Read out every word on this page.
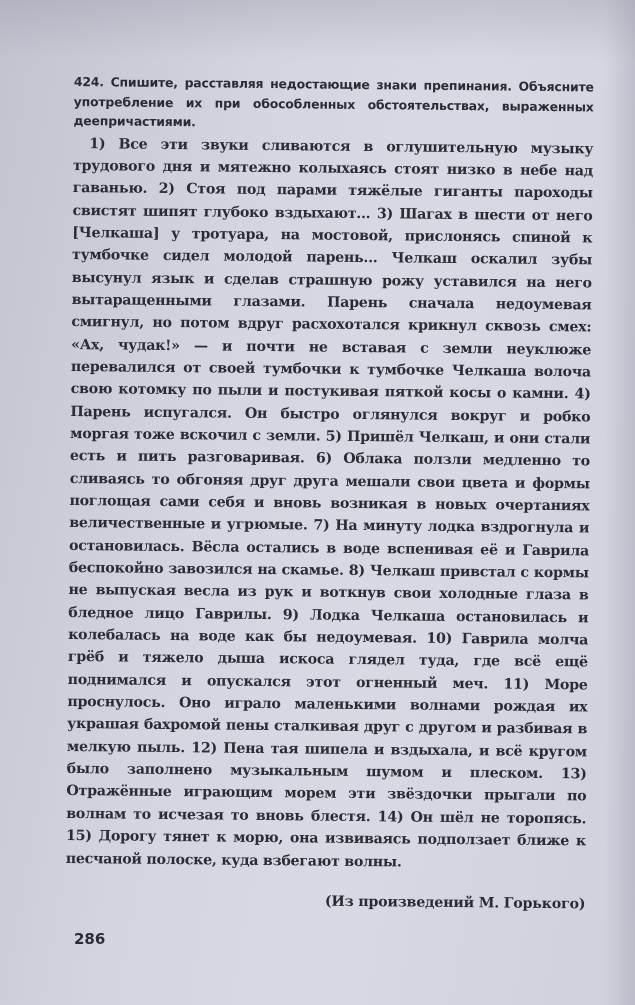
424. Спишите, расставляя недостающие знаки препинания. Объясните употребление их при обособленных обстоятельствах, выраженных деепричастиями.

1) Все эти звуки сливаются в оглушительную музыку трудового дня и мятежно колыхаясь стоят низко в небе над гаванью. 2) Стоя под парами тяжёлые гиганты пароходы свистят шипят глубоко вздыхают... 3) Шагах в шести от него [Челкаша] у тротуара, на мостовой, прислонясь спиной к тумбочке сидел молодой парень... Челкаш оскалил зубы высунул язык и сделав страшную рожу уставился на него вытаращенными глазами. Парень сначала недоумевая смигнул, но потом вдруг расхохотался крикнул сквозь смех: «Ах, чудак!» — и почти не вставая с земли неуклюже перевалился от своей тумбочки к тумбочке Челкаша волоча свою котомку по пыли и постукивая пяткой косы о камни. 4) Парень испугался. Он быстро оглянулся вокруг и робко моргая тоже вскочил с земли. 5) Пришёл Челкаш, и они стали есть и пить разговаривая. 6) Облака ползли медленно то сливаясь то обгоняя друг друга мешали свои цвета и формы поглощая сами себя и вновь возникая в новых очертаниях величественные и угрюмые. 7) На минуту лодка вздрогнула и остановилась. Вёсла остались в воде вспенивая её и Гаврила беспокойно завозился на скамье. 8) Челкаш привстал с кормы не выпуская весла из рук и воткнув свои холодные глаза в бледное лицо Гаврилы. 9) Лодка Челкаша остановилась и колебалась на воде как бы недоумевая. 10) Гаврила молча грёб и тяжело дыша искоса глядел туда, где всё ещё поднимался и опускался этот огненный меч. 11) Море проснулось. Оно играло маленькими волнами рождая их украшая бахромой пены сталкивая друг с другом и разбивая в мелкую пыль. 12) Пена тая шипела и вздыхала, и всё кругом было заполнено музыкальным шумом и плеском. 13) Отражённые играющим морем эти звёздочки прыгали по волнам то исчезая то вновь блестя. 14) Он шёл не торопясь. 15) Дорогу тянет к морю, она извиваясь подползает ближе к песчаной полоске, куда взбегают волны.

(Из произведений М. Горького)

286
